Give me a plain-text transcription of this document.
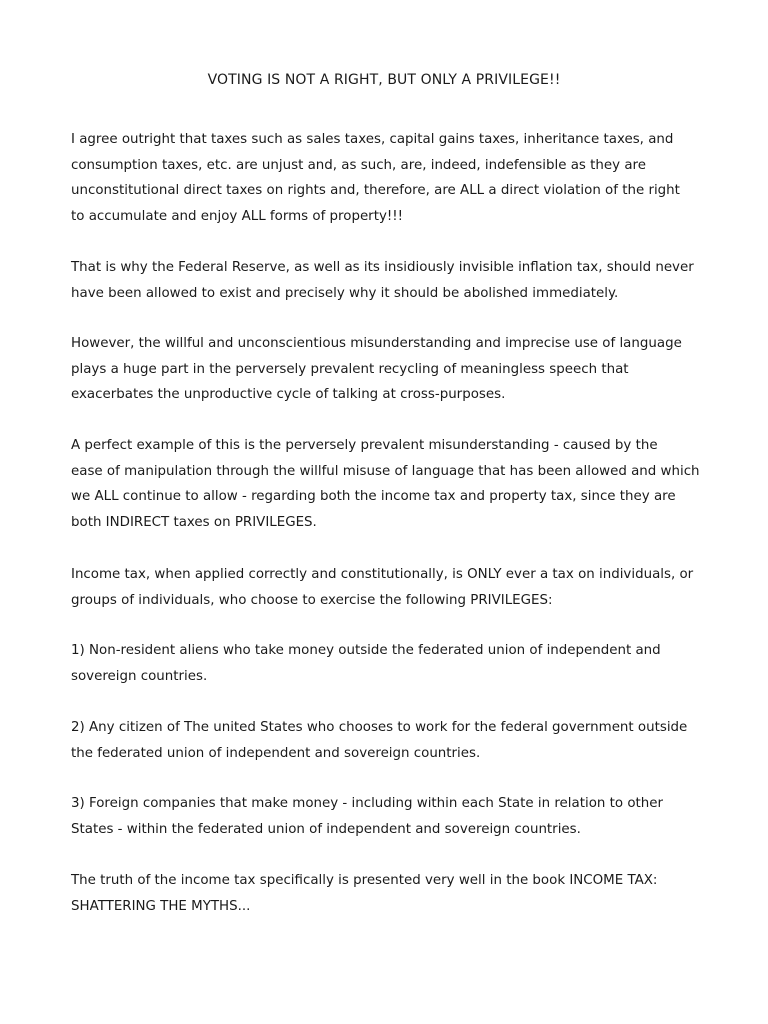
VOTING IS NOT A RIGHT, BUT ONLY A PRIVILEGE!!

I agree outright that taxes such as sales taxes, capital gains taxes, inheritance taxes, and
consumption taxes, etc. are unjust and, as such, are, indeed, indefensible as they are
unconstitutional direct taxes on rights and, therefore, are ALL a direct violation of the right
to accumulate and enjoy ALL forms of property!!!

That is why the Federal Reserve, as well as its insidiously invisible inflation tax, should never
have been allowed to exist and precisely why it should be abolished immediately.

However, the willful and unconscientious misunderstanding and imprecise use of language
plays a huge part in the perversely prevalent recycling of meaningless speech that
exacerbates the unproductive cycle of talking at cross-purposes.

A perfect example of this is the perversely prevalent misunderstanding - caused by the
ease of manipulation through the willful misuse of language that has been allowed and which
we ALL continue to allow - regarding both the income tax and property tax, since they are
both INDIRECT taxes on PRIVILEGES.

Income tax, when applied correctly and constitutionally, is ONLY ever a tax on individuals, or
groups of individuals, who choose to exercise the following PRIVILEGES:

1) Non-resident aliens who take money outside the federated union of independent and
sovereign countries.

2) Any citizen of The united States who chooses to work for the federal government outside
the federated union of independent and sovereign countries.

3) Foreign companies that make money - including within each State in relation to other
States - within the federated union of independent and sovereign countries.

The truth of the income tax specifically is presented very well in the book INCOME TAX:
SHATTERING THE MYTHS...
